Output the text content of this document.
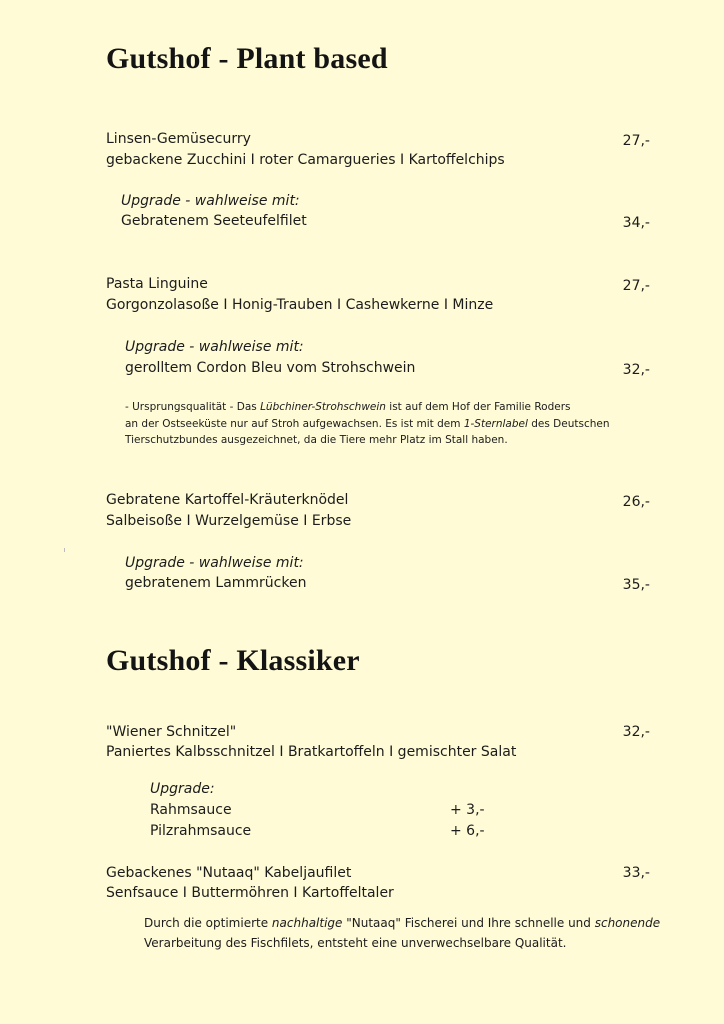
Gutshof - Plant based
Linsen-Gemüsecurry
gebackene Zucchini I roter Camargueries I Kartoffelchips
27,-
Upgrade - wahlweise mit:
Gebratenem Seeteufelfilet	34,-
Pasta Linguine
Gorgonzolasoße I Honig-Trauben I Cashewkerne I Minze
27,-
Upgrade - wahlweise mit:
gerolltem Cordon Bleu vom Strohschwein	32,-
- Ursprungsqualität - Das Lübchiner-Strohschwein ist auf dem Hof der Familie Roders
an der Ostseeküste nur auf Stroh aufgewachsen. Es ist mit dem 1-Sternlabel des Deutschen
Tierschutzbundes ausgezeichnet, da die Tiere mehr Platz im Stall haben.
Gebratene Kartoffel-Kräuterknödel
Salbeisoße I Wurzelgemüse I Erbse
26,-
Upgrade - wahlweise mit:
gebratenem Lammrücken	35,-
Gutshof - Klassiker
"Wiener Schnitzel"
Paniertes Kalbsschnitzel I Bratkartoffeln I gemischter Salat
32,-
Upgrade:
Rahmsauce	+ 3,-
Pilzrahmsauce	+ 6,-
Gebackenes "Nutaaq" Kabeljaufilet
Senfsauce I Buttermöhren I Kartoffeltaler
33,-
Durch die optimierte nachhaltige "Nutaaq" Fischerei und Ihre schnelle und schonende
Verarbeitung des Fischfilets, entsteht eine unverwechselbare Qualität.
